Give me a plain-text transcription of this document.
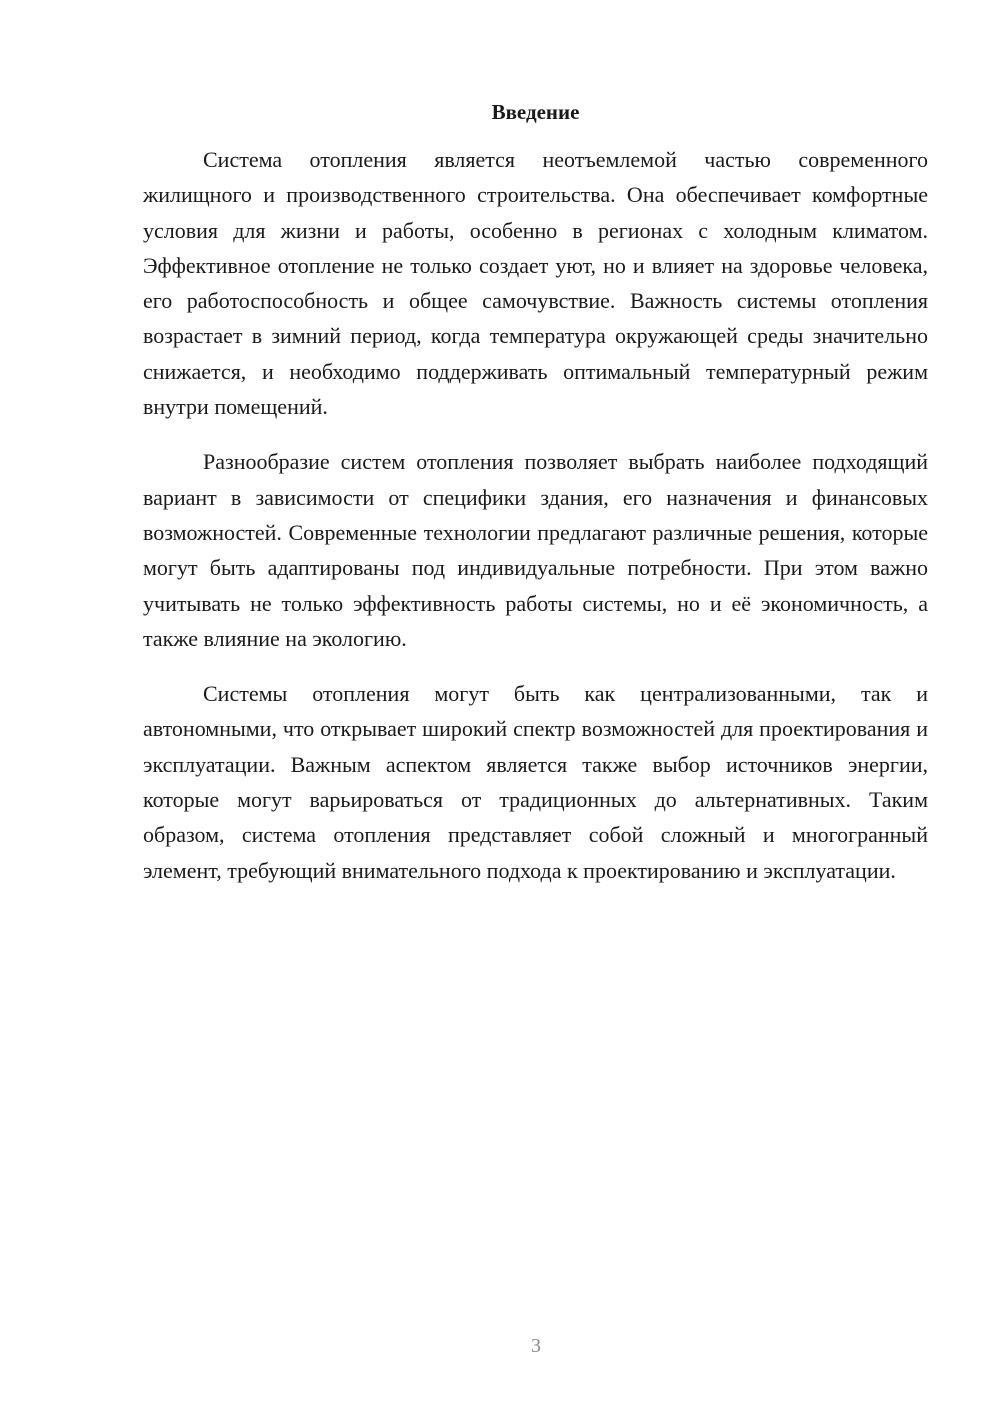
Введение

Система отопления является неотъемлемой частью современного жилищного и производственного строительства. Она обеспечивает комфортные условия для жизни и работы, особенно в регионах с холодным климатом. Эффективное отопление не только создает уют, но и влияет на здоровье человека, его работоспособность и общее самочувствие. Важность системы отопления возрастает в зимний период, когда температура окружающей среды значительно снижается, и необходимо поддерживать оптимальный температурный режим внутри помещений.

Разнообразие систем отопления позволяет выбрать наиболее подходящий вариант в зависимости от специфики здания, его назначения и финансовых возможностей. Современные технологии предлагают различные решения, которые могут быть адаптированы под индивидуальные потребности. При этом важно учитывать не только эффективность работы системы, но и её экономичность, а также влияние на экологию.

Системы отопления могут быть как централизованными, так и автономными, что открывает широкий спектр возможностей для проектирования и эксплуатации. Важным аспектом является также выбор источников энергии, которые могут варьироваться от традиционных до альтернативных. Таким образом, система отопления представляет собой сложный и многогранный элемент, требующий внимательного подхода к проектированию и эксплуатации.

3
